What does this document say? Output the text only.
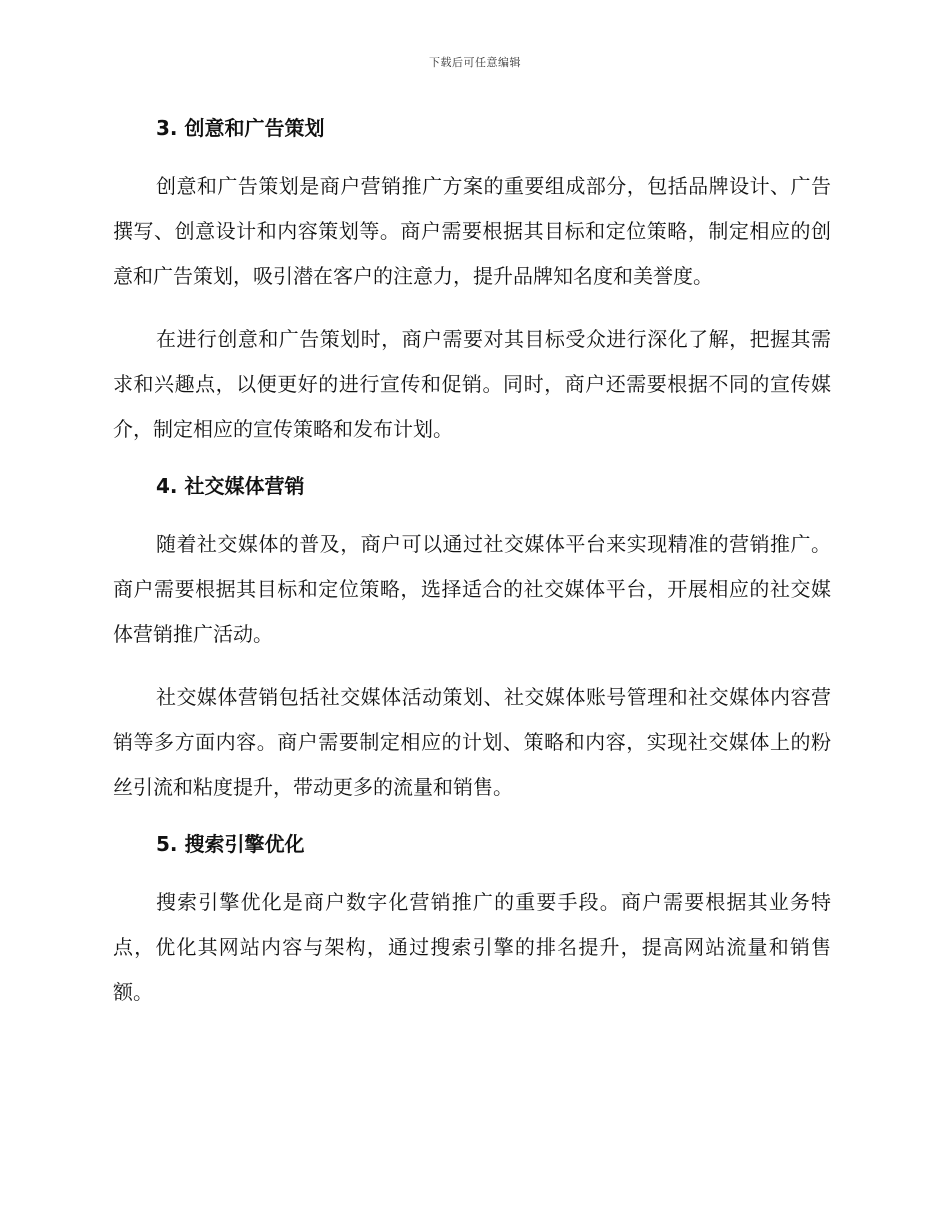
下载后可任意编辑
3. 创意和广告策划

创意和广告策划是商户营销推广方案的重要组成部分，包括品牌设计、广告撰写、创意设计和内容策划等。商户需要根据其目标和定位策略，制定相应的创意和广告策划，吸引潜在客户的注意力，提升品牌知名度和美誉度。

在进行创意和广告策划时，商户需要对其目标受众进行深化了解，把握其需求和兴趣点，以便更好的进行宣传和促销。同时，商户还需要根据不同的宣传媒介，制定相应的宣传策略和发布计划。

4. 社交媒体营销

随着社交媒体的普及，商户可以通过社交媒体平台来实现精准的营销推广。商户需要根据其目标和定位策略，选择适合的社交媒体平台，开展相应的社交媒体营销推广活动。

社交媒体营销包括社交媒体活动策划、社交媒体账号管理和社交媒体内容营销等多方面内容。商户需要制定相应的计划、策略和内容，实现社交媒体上的粉丝引流和粘度提升，带动更多的流量和销售。

5. 搜索引擎优化

搜索引擎优化是商户数字化营销推广的重要手段。商户需要根据其业务特点，优化其网站内容与架构，通过搜索引擎的排名提升，提高网站流量和销售额。
